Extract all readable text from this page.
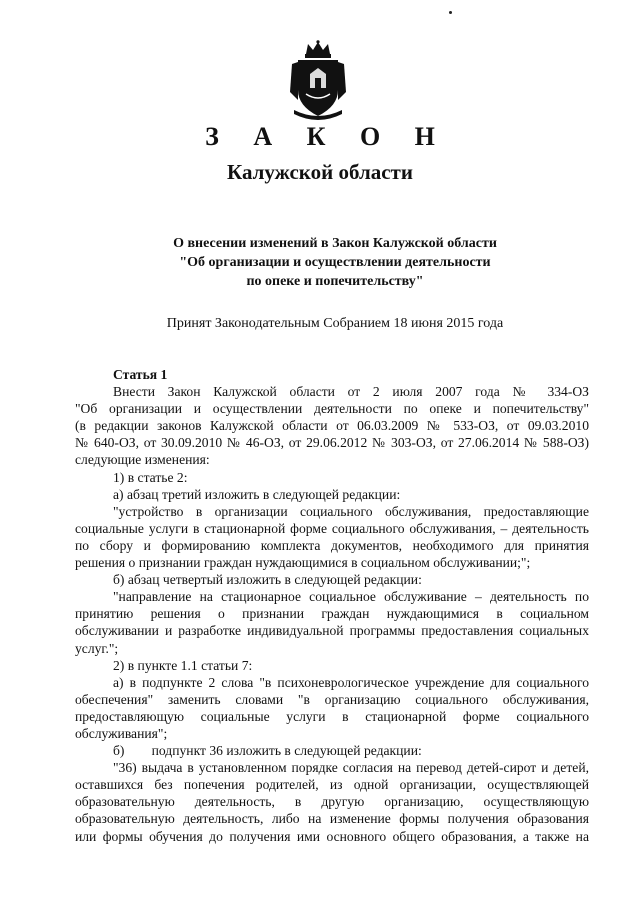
З А К О Н
Калужской области
О внесении изменений в Закон Калужской области
"Об организации и осуществлении деятельности
по опеке и попечительству"
Принят Законодательным Собранием 18 июня 2015 года
Статья 1
Внести Закон Калужской области от 2 июля 2007 года № 334-ОЗ
"Об организации и осуществлении деятельности по опеке и попечительству"
(в редакции законов Калужской области от 06.03.2009 № 533-ОЗ, от 09.03.2010
№ 640-ОЗ, от 30.09.2010 № 46-ОЗ, от 29.06.2012 № 303-ОЗ, от 27.06.2014 № 588-ОЗ)
следующие изменения:
1) в статье 2:
а) абзац третий изложить в следующей редакции:
"устройство в организации социального обслуживания, предоставляющие
социальные услуги в стационарной форме социального обслуживания, – деятельность
по сбору и формированию комплекта документов, необходимого для принятия
решения о признании граждан нуждающимися в социальном обслуживании;";
б) абзац четвертый изложить в следующей редакции:
"направление на стационарное социальное обслуживание – деятельность по
принятию решения о признании граждан нуждающимися в социальном
обслуживании и разработке индивидуальной программы предоставления социальных
услуг.";
2) в пункте 1.1 статьи 7:
а) в подпункте 2 слова "в психоневрологическое учреждение для социального
обеспечения" заменить словами "в организацию социального обслуживания,
предоставляющую социальные услуги в стационарной форме социального
обслуживания";
б)        подпункт 36 изложить в следующей редакции:
"36) выдача в установленном порядке согласия на перевод детей-сирот и детей,
оставшихся без попечения родителей, из одной организации, осуществляющей
образовательную деятельность, в другую организацию, осуществляющую
образовательную деятельность, либо на изменение формы получения образования
или формы обучения до получения ими основного общего образования, а также на
